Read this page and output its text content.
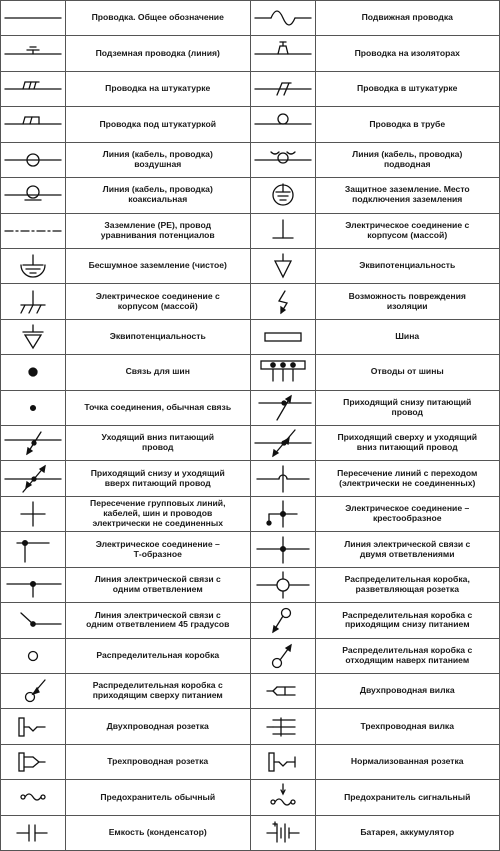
Проводка. Общее обозначение
Подземная проводка (линия)
Проводка на штукатурке
Проводка под штукатуркой
Линия (кабель, проводка)
воздушная
Линия (кабель, проводка)
коаксиальная
Заземление (PE), провод
уравнивания потенциалов
Бесшумное заземление (чистое)
Электрическое соединение с
корпусом (массой)
Эквипотенциальность
Связь для шин
Точка соединения, обычная связь
Уходящий вниз питающий
провод
Приходящий снизу и уходящий
вверх питающий провод
Пересечение групповых линий,
кабелей, шин и проводов
электрически не соединенных
Электрическое соединение –
Т-образное
Линия электрической связи с
одним ответвлением
Линия электрической связи с
одним ответвлением 45 градусов
Распределительная коробка
Распределительная коробка с
приходящим сверху питанием
Двухпроводная розетка
Трехпроводная розетка
Предохранитель обычный
Емкость (конденсатор)
Подвижная проводка
Проводка на изоляторах
Проводка в штукатурке
Проводка в трубе
Линия (кабель, проводка)
подводная
Защитное заземление. Место
подключения заземления
Электрическое соединение с
корпусом (массой)
Эквипотенциальность
Возможность повреждения
изоляции
Шина
Отводы от шины
Приходящий снизу питающий
провод
Приходящий сверху и уходящий
вниз питающий провод
Пересечение линий с переходом
(электрически не соединенных)
Электрическое соединение –
крестообразное
Линия электрической связи с
двумя ответвлениями
Распределительная коробка,
разветвляющая розетка
Распределительная коробка с
приходящим снизу питанием
Распределительная коробка с
отходящим наверх питанием
Двухпроводная вилка
Трехпроводная вилка
Нормализованная розетка
Предохранитель сигнальный
Батарея, аккумулятор
